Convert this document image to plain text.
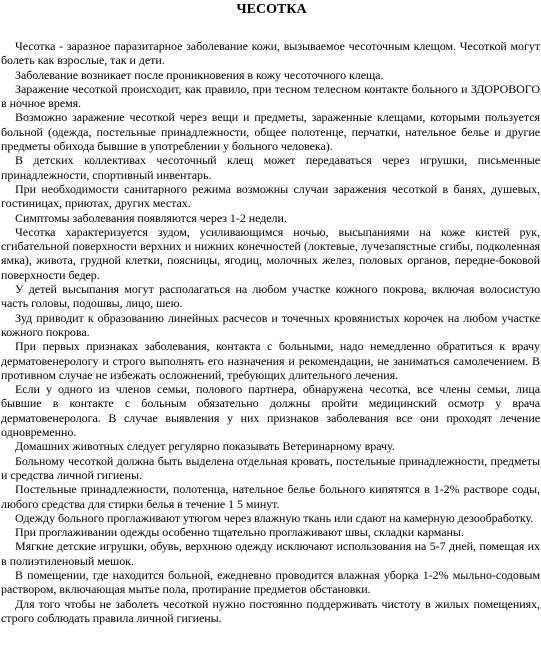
ЧЕСОТКА

Чесотка - заразное паразитарное заболевание кожи, вызываемое чесоточным клещом. Чесоткой могут болеть как взрослые, так и дети.

Заболевание возникает после проникновения в кожу чесоточного клеща.

Заражение чесоткой происходит, как правило, при тесном телесном контакте больного и ЗДОРОВОГО в ночное время.

Возможно заражение чесоткой через вещи и предметы, зараженные клещами, которыми пользуется больной (одежда, постельные принадлежности, общее полотенце, перчатки, нательное белье и другие предметы обихода бывшие в употреблении у больного человека).

В детских коллективах чесоточный клещ может передаваться через игрушки, письменные принадлежности, спортивный инвентарь.

При необходимости санитарного режима возможны случаи заражения чесоткой в банях, душевых, гостиницах, приютах, других местах.

Симптомы заболевания появляются через 1-2 недели.

Чесотка характеризуется зудом, усиливающимся ночью, высыпаниями на коже кистей рук, сгибательной поверхности верхних и нижних конечностей (локтевые, лучезапястные сгибы, подколенная ямка), живота, грудной клетки, поясницы, ягодиц, молочных желез, половых органов, передне-боковой поверхности бедер.

У детей высыпания могут располагаться на любом участке кожного покрова, включая волосистую часть головы, подошвы, лицо, шею.

Зуд приводит к образованию линейных расчесов и точечных кровянистых корочек на любом участке кожного покрова.

При первых признаках заболевания, контакта с больными, надо немедленно обратиться к врачу дерматовенерологу и строго выполнять его назначения и рекомендации, не заниматься самолечением. В противном случае не избежать осложнений, требующих длительного лечения.

Если у одного из членов семьи, полового партнера, обнаружена чесотка, все члены семьи, лица бывшие в контакте с больным обязательно должны пройти медицинский осмотр у врача дерматовенеролога. В случае выявления у них признаков заболевания все они проходят лечение одновременно.

Домашних животных следует регулярно показывать Ветеринарному врачу.

Больному чесоткой должна быть выделена отдельная кровать, постельные принадлежности, предметы и средства личной гигиены.

Постельные принадлежности, полотенца, нательное белье больного кипятятся в 1-2% растворе соды, любого средства для стирки белья в течение 1 5 минут.

Одежду больного проглаживают утюгом через влажную ткань или сдают на камерную дезообработку.

При проглаживании одежды особенно тщательно проглаживают швы, складки карманы.

Мягкие детские игрушки, обувь, верхнюю одежду исключают использования на 5-7 дней, помещая их в полиэтиленовый мешок.

В помещении, где находится больной, ежедневно проводится влажная уборка 1-2% мыльно-содовым раствором, включающая мытье пола, протирание предметов обстановки.

Для того чтобы не заболеть чесоткой нужно постоянно поддерживать чистоту в жилых помещениях, строго соблюдать правила личной гигиены.
